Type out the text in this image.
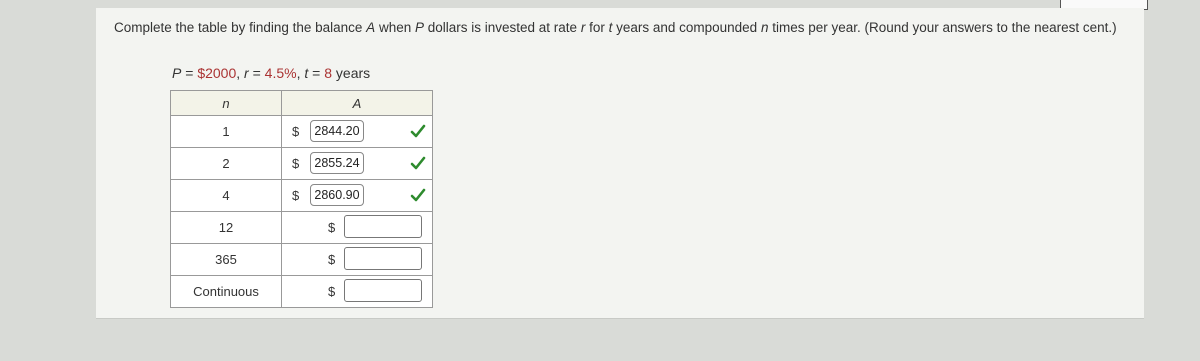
Complete the table by finding the balance A when P dollars is invested at rate r for t years and compounded n times per year. (Round your answers to the nearest cent.)
P = $2000, r = 4.5%, t = 8 years
n	A
1	$ 2844.20

2	$ 2855.24

4	$ 2860.90

12	$

365	$

Continuous	$
